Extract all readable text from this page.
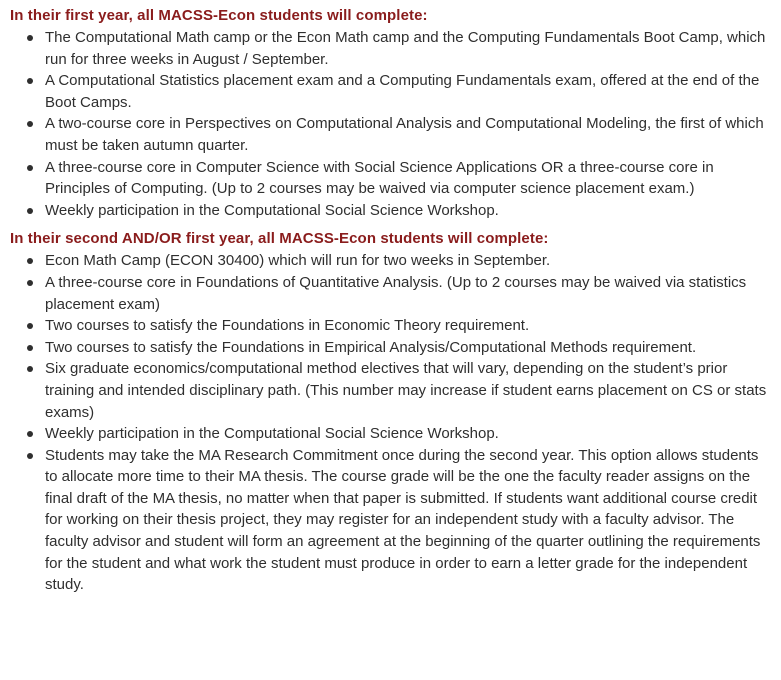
In their first year, all MACSS-Econ students will complete:
The Computational Math camp or the Econ Math camp and the Computing Fundamentals Boot Camp, which run for three weeks in August / September.
A Computational Statistics placement exam and a Computing Fundamentals exam, offered at the end of the Boot Camps.
A two-course core in Perspectives on Computational Analysis and Computational Modeling, the first of which must be taken autumn quarter.
A three-course core in Computer Science with Social Science Applications OR a three-course core in Principles of Computing. (Up to 2 courses may be waived via computer science placement exam.)
Weekly participation in the Computational Social Science Workshop.
In their second AND/OR first year, all MACSS-Econ students will complete:
Econ Math Camp (ECON 30400) which will run for two weeks in September.
A three-course core in Foundations of Quantitative Analysis. (Up to 2 courses may be waived via statistics placement exam)
Two courses to satisfy the Foundations in Economic Theory requirement.
Two courses to satisfy the Foundations in Empirical Analysis/Computational Methods requirement.
Six graduate economics/computational method electives that will vary, depending on the student’s prior training and intended disciplinary path. (This number may increase if student earns placement on CS or stats exams)
Weekly participation in the Computational Social Science Workshop.
Students may take the MA Research Commitment once during the second year. This option allows students to allocate more time to their MA thesis. The course grade will be the one the faculty reader assigns on the final draft of the MA thesis, no matter when that paper is submitted. If students want additional course credit for working on their thesis project, they may register for an independent study with a faculty advisor. The faculty advisor and student will form an agreement at the beginning of the quarter outlining the requirements for the student and what work the student must produce in order to earn a letter grade for the independent study.
